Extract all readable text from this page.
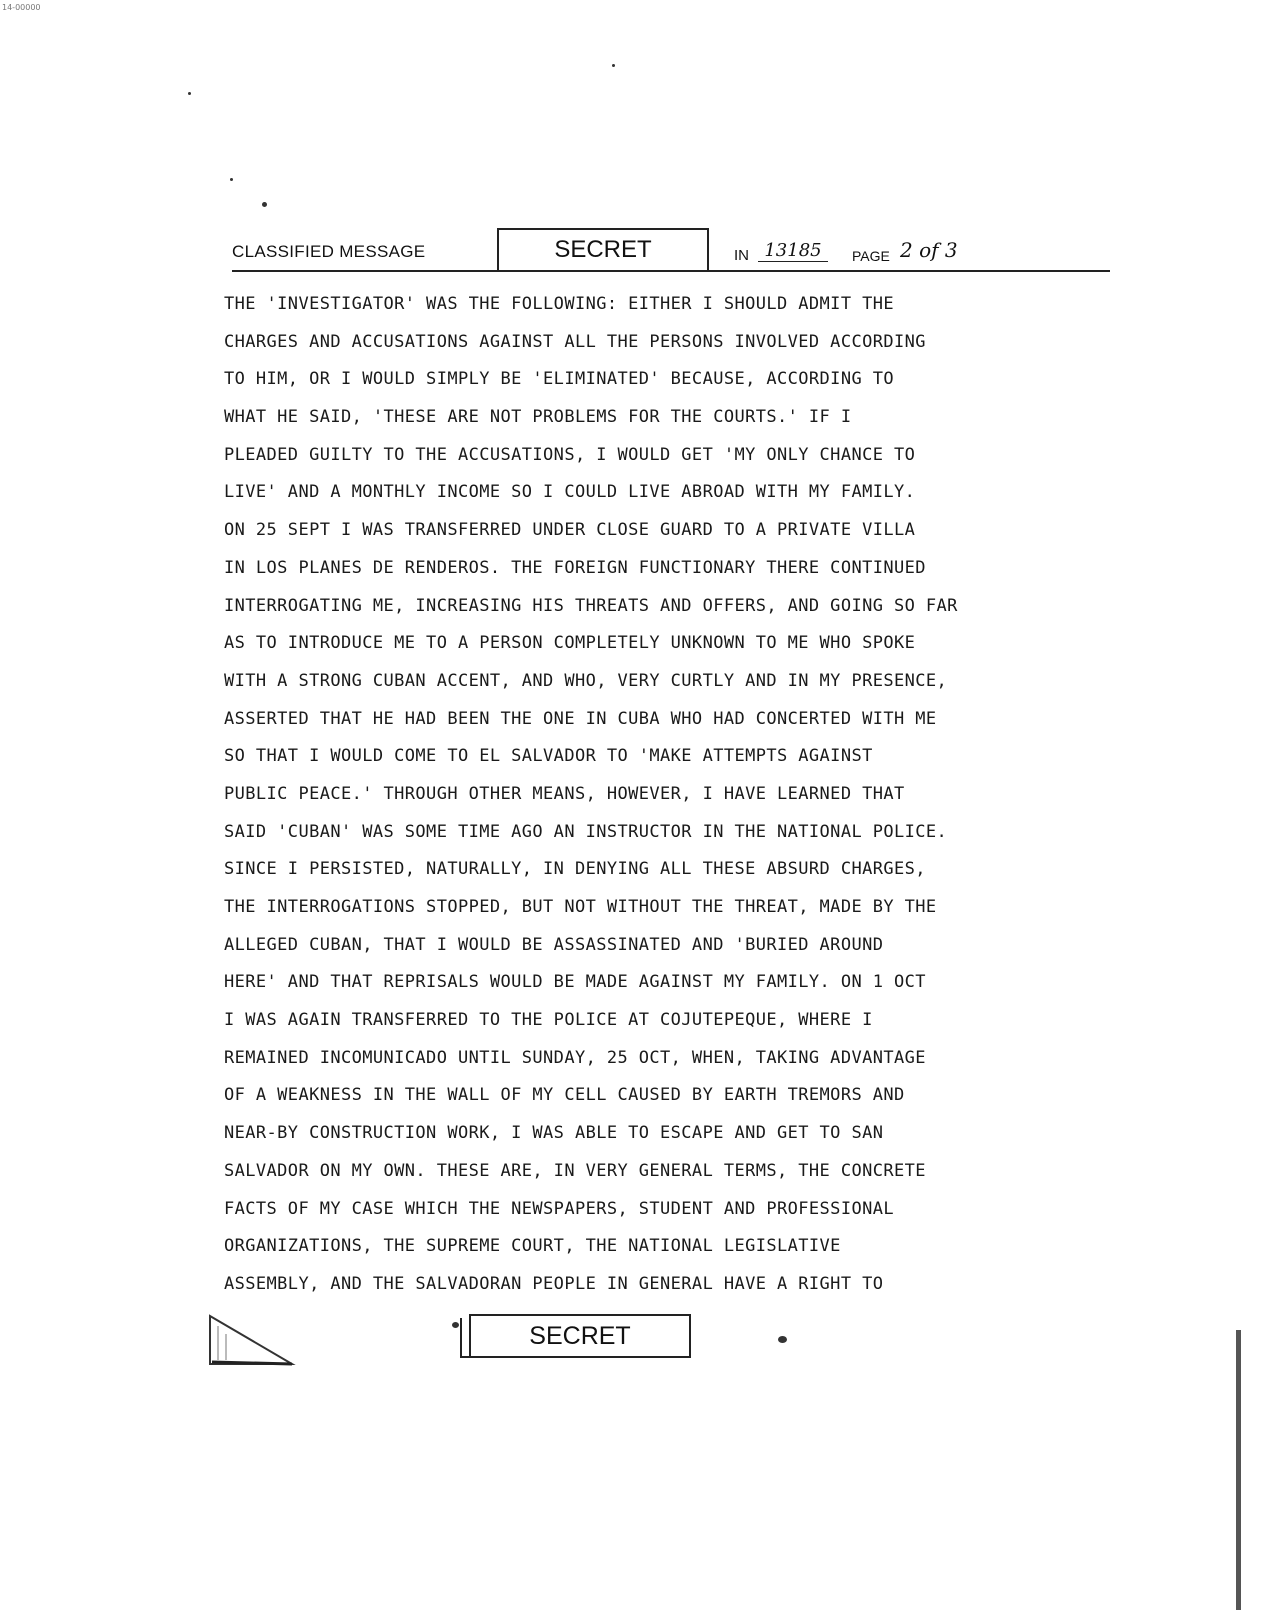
14-00000
CLASSIFIED MESSAGE	SECRET	IN 13185	PAGE 2 of 3
THE 'INVESTIGATOR' WAS THE FOLLOWING: EITHER I SHOULD ADMIT THE
CHARGES AND ACCUSATIONS AGAINST ALL THE PERSONS INVOLVED ACCORDING
TO HIM, OR I WOULD SIMPLY BE 'ELIMINATED' BECAUSE, ACCORDING TO
WHAT HE SAID, 'THESE ARE NOT PROBLEMS FOR THE COURTS.' IF I
PLEADED GUILTY TO THE ACCUSATIONS, I WOULD GET 'MY ONLY CHANCE TO
LIVE' AND A MONTHLY INCOME SO I COULD LIVE ABROAD WITH MY FAMILY.
ON 25 SEPT I WAS TRANSFERRED UNDER CLOSE GUARD TO A PRIVATE VILLA
IN LOS PLANES DE RENDEROS. THE FOREIGN FUNCTIONARY THERE CONTINUED
INTERROGATING ME, INCREASING HIS THREATS AND OFFERS, AND GOING SO FAR
AS TO INTRODUCE ME TO A PERSON COMPLETELY UNKNOWN TO ME WHO SPOKE
WITH A STRONG CUBAN ACCENT, AND WHO, VERY CURTLY AND IN MY PRESENCE,
ASSERTED THAT HE HAD BEEN THE ONE IN CUBA WHO HAD CONCERTED WITH ME
SO THAT I WOULD COME TO EL SALVADOR TO 'MAKE ATTEMPTS AGAINST
PUBLIC PEACE.' THROUGH OTHER MEANS, HOWEVER, I HAVE LEARNED THAT
SAID 'CUBAN' WAS SOME TIME AGO AN INSTRUCTOR IN THE NATIONAL POLICE.
SINCE I PERSISTED, NATURALLY, IN DENYING ALL THESE ABSURD CHARGES,
THE INTERROGATIONS STOPPED, BUT NOT WITHOUT THE THREAT, MADE BY THE
ALLEGED CUBAN, THAT I WOULD BE ASSASSINATED AND 'BURIED AROUND
HERE' AND THAT REPRISALS WOULD BE MADE AGAINST MY FAMILY. ON 1 OCT
I WAS AGAIN TRANSFERRED TO THE POLICE AT COJUTEPEQUE, WHERE I
REMAINED INCOMUNICADO UNTIL SUNDAY, 25 OCT, WHEN, TAKING ADVANTAGE
OF A WEAKNESS IN THE WALL OF MY CELL CAUSED BY EARTH TREMORS AND
NEAR-BY CONSTRUCTION WORK, I WAS ABLE TO ESCAPE AND GET TO SAN
SALVADOR ON MY OWN. THESE ARE, IN VERY GENERAL TERMS, THE CONCRETE
FACTS OF MY CASE WHICH THE NEWSPAPERS, STUDENT AND PROFESSIONAL
ORGANIZATIONS, THE SUPREME COURT, THE NATIONAL LEGISLATIVE
ASSEMBLY, AND THE SALVADORAN PEOPLE IN GENERAL HAVE A RIGHT TO
SECRET
